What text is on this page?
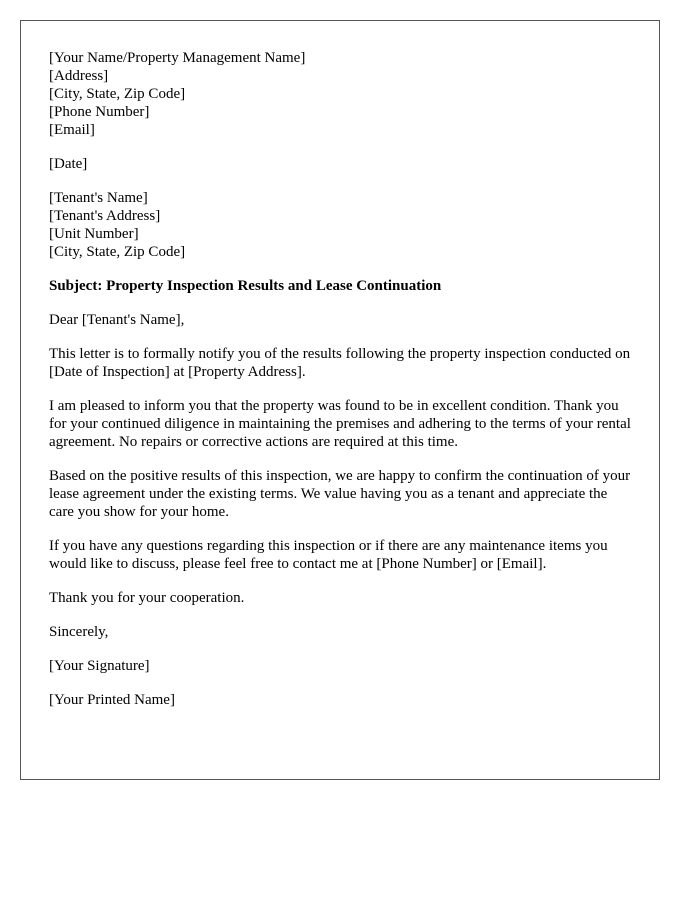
[Your Name/Property Management Name]
[Address]
[City, State, Zip Code]
[Phone Number]
[Email]
[Date]
[Tenant's Name]
[Tenant's Address]
[Unit Number]
[City, State, Zip Code]

Subject: Property Inspection Results and Lease Continuation

Dear [Tenant's Name],

This letter is to formally notify you of the results following the property inspection conducted on [Date of Inspection] at [Property Address].

I am pleased to inform you that the property was found to be in excellent condition. Thank you for your continued diligence in maintaining the premises and adhering to the terms of your rental agreement. No repairs or corrective actions are required at this time.

Based on the positive results of this inspection, we are happy to confirm the continuation of your lease agreement under the existing terms. We value having you as a tenant and appreciate the care you show for your home.

If you have any questions regarding this inspection or if there are any maintenance items you would like to discuss, please feel free to contact me at [Phone Number] or [Email].

Thank you for your cooperation.

Sincerely,

[Your Signature]

[Your Printed Name]
